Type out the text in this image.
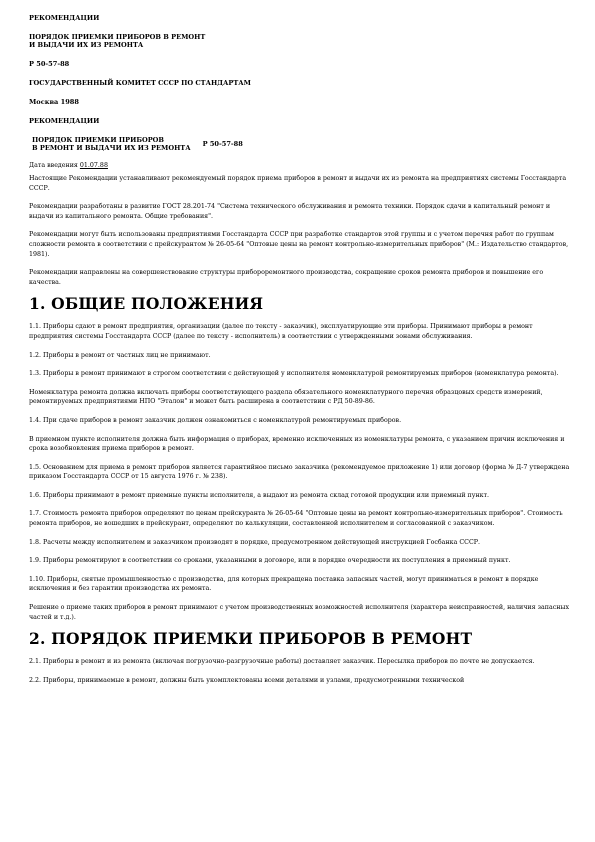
РЕКОМЕНДАЦИИ

ПОРЯДОК ПРИЕМКИ ПРИБОРОВ В РЕМОНТ
И ВЫДАЧИ ИХ ИЗ РЕМОНТА

Р 50-57-88

ГОСУДАРСТВЕННЫЙ КОМИТЕТ СССР ПО СТАНДАРТАМ

Москва 1988

РЕКОМЕНДАЦИИ

ПОРЯДОК ПРИЕМКИ ПРИБОРОВ
В РЕМОНТ И ВЫДАЧИ ИХ ИЗ РЕМОНТА Р 50-57-88

Дата введения 01.07.88

Настоящие Рекомендации устанавливают рекомендуемый порядок приема приборов в ремонт и выдачи их из ремонта на предприятиях системы Госстандарта СССР.

Рекомендации разработаны в развитие ГОСТ 28.201-74 "Система технического обслуживания и ремонта техники. Порядок сдачи в капитальный ремонт и выдачи из капитального ремонта. Общие требования".

Рекомендации могут быть использованы предприятиями Госстандарта СССР при разработке стандартов этой группы и с учетом перечня работ по группам сложности ремонта в соответствии с прейскурантом № 26-05-64 "Оптовые цены на ремонт контрольно-измерительных приборов" (М.: Издательство стандартов, 1981).

Рекомендации направлены на совершенствование структуры прибороремонтного производства, сокращение сроков ремонта приборов и повышение его качества.

1. ОБЩИЕ ПОЛОЖЕНИЯ

1.1. Приборы сдают в ремонт предприятия, организации (далее по тексту - заказчик), эксплуатирующие эти приборы. Принимают приборы в ремонт предприятия системы Госстандарта СССР (далее по тексту - исполнитель) в соответствии с утвержденными зонами обслуживания.

1.2. Приборы в ремонт от частных лиц не принимают.

1.3. Приборы в ремонт принимают в строгом соответствии с действующей у исполнителя номенклатурой ремонтируемых приборов (номенклатура ремонта).

Номенклатура ремонта должна включать приборы соответствующего раздела обязательного номенклатурного перечня образцовых средств измерений, ремонтируемых предприятиями НПО "Эталон" и может быть расширена в соответствии с РД 50-89-86.

1.4. При сдаче приборов в ремонт заказчик должен ознакомиться с номенклатурой ремонтируемых приборов.

В приемном пункте исполнителя должна быть информация о приборах, временно исключенных из номенклатуры ремонта, с указанием причин исключения и срока возобновления приема приборов в ремонт.

1.5. Основанием для приема в ремонт приборов является гарантийное письмо заказчика (рекомендуемое приложение 1) или договор (форма № Д-7 утверждена приказом Госстандарта СССР от 15 августа 1976 г. № 238).

1.6. Приборы принимают в ремонт приемные пункты исполнителя, а выдают из ремонта склад готовой продукции или приемный пункт.

1.7. Стоимость ремонта приборов определяют по ценам прейскуранта № 26-05-64 "Оптовые цены на ремонт контрольно-измерительных приборов". Стоимость ремонта приборов, не вошедших в прейскурант, определяют по калькуляции, составленной исполнителем и согласованной с заказчиком.

1.8. Расчеты между исполнителем и заказчиком производят в порядке, предусмотренном действующей инструкцией Госбанка СССР.

1.9. Приборы ремонтируют в соответствии со сроками, указанными в договоре, или в порядке очередности их поступления в приемный пункт.

1.10. Приборы, снятые промышленностью с производства, для которых прекращена поставка запасных частей, могут приниматься в ремонт в порядке исключения и без гарантии производства их ремонта.

Решение о приеме таких приборов в ремонт принимают с учетом производственных возможностей исполнителя (характера неисправностей, наличия запасных частей и т.д.).

2. ПОРЯДОК ПРИЕМКИ ПРИБОРОВ В РЕМОНТ

2.1. Приборы в ремонт и из ремонта (включая погрузочно-разгрузочные работы) доставляет заказчик. Пересылка приборов по почте не допускается.

2.2. Приборы, принимаемые в ремонт, должны быть укомплектованы всеми деталями и узлами, предусмотренными технической
